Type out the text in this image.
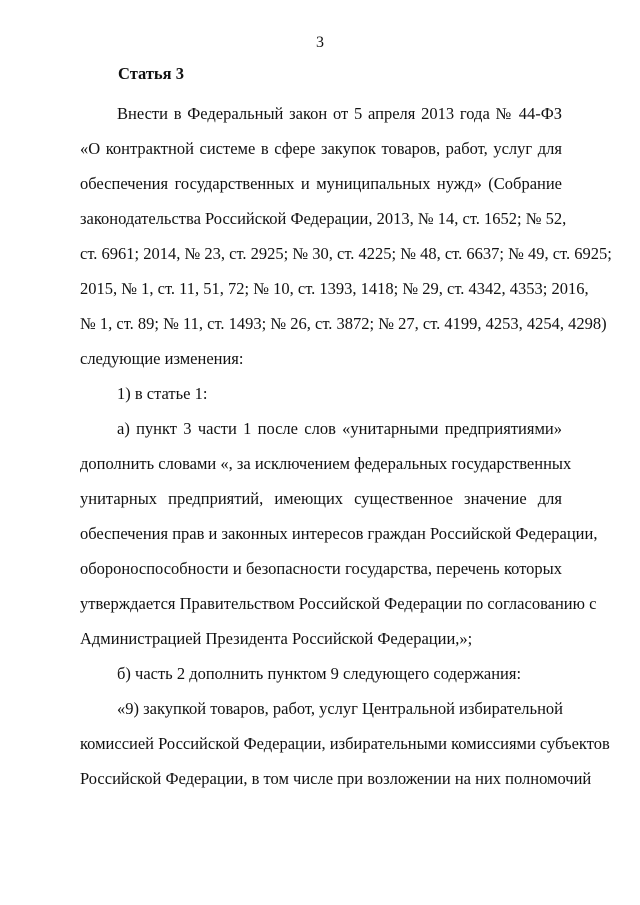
3
Статья 3
Внести в Федеральный закон от 5 апреля 2013 года № 44-ФЗ
«О контрактной системе в сфере закупок товаров, работ, услуг для
обеспечения государственных и муниципальных нужд» (Собрание
законодательства Российской Федерации, 2013, № 14, ст. 1652; № 52,
ст. 6961; 2014, № 23, ст. 2925; № 30, ст. 4225; № 48, ст. 6637; № 49, ст. 6925;
2015, № 1, ст. 11, 51, 72; № 10, ст. 1393, 1418; № 29, ст. 4342, 4353; 2016,
№ 1, ст. 89; № 11, ст. 1493; № 26, ст. 3872; № 27, ст. 4199, 4253, 4254, 4298)
следующие изменения:
1) в статье 1:
а) пункт 3 части 1 после слов «унитарными предприятиями»
дополнить словами «, за исключением федеральных государственных
унитарных предприятий, имеющих существенное значение для
обеспечения прав и законных интересов граждан Российской Федерации,
обороноспособности и безопасности государства, перечень которых
утверждается Правительством Российской Федерации по согласованию с
Администрацией Президента Российской Федерации,»;
б) часть 2 дополнить пунктом 9 следующего содержания:
«9) закупкой товаров, работ, услуг Центральной избирательной
комиссией Российской Федерации, избирательными комиссиями субъектов
Российской Федерации, в том числе при возложении на них полномочий
